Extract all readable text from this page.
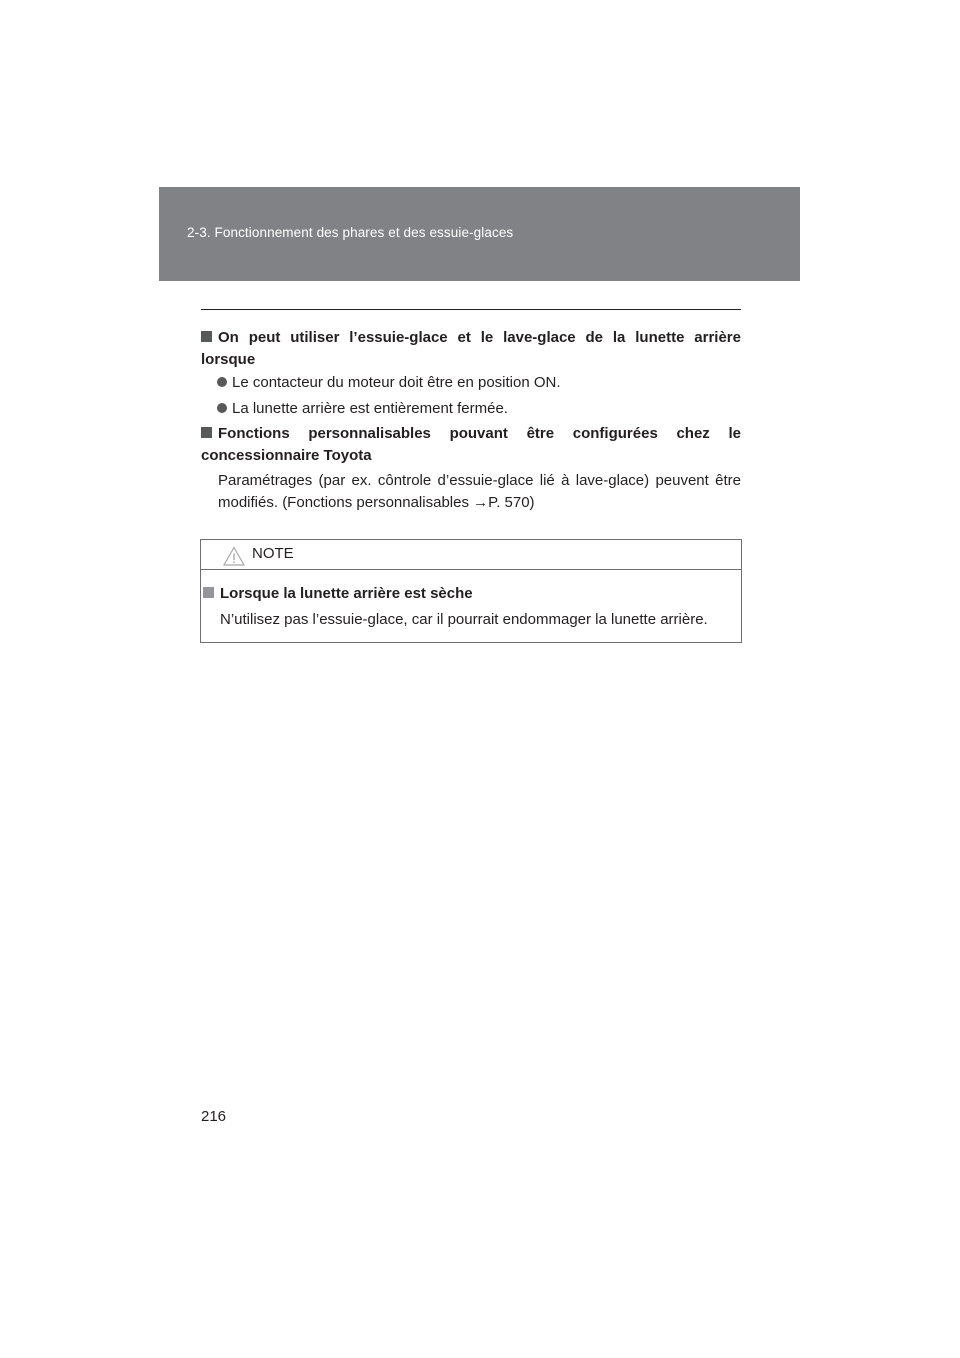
2-3. Fonctionnement des phares et des essuie-glaces
On peut utiliser l’essuie-glace et le lave-glace de la lunette arrière lorsque
Le contacteur du moteur doit être en position ON.
La lunette arrière est entièrement fermée.
Fonctions personnalisables pouvant être configurées chez le concessionnaire Toyota
Paramétrages (par ex. côntrole d’essuie-glace lié à lave-glace) peuvent être modifiés. (Fonctions personnalisables →P. 570)
NOTE
Lorsque la lunette arrière est sèche
N’utilisez pas l’essuie-glace, car il pourrait endommager la lunette arrière.
216
